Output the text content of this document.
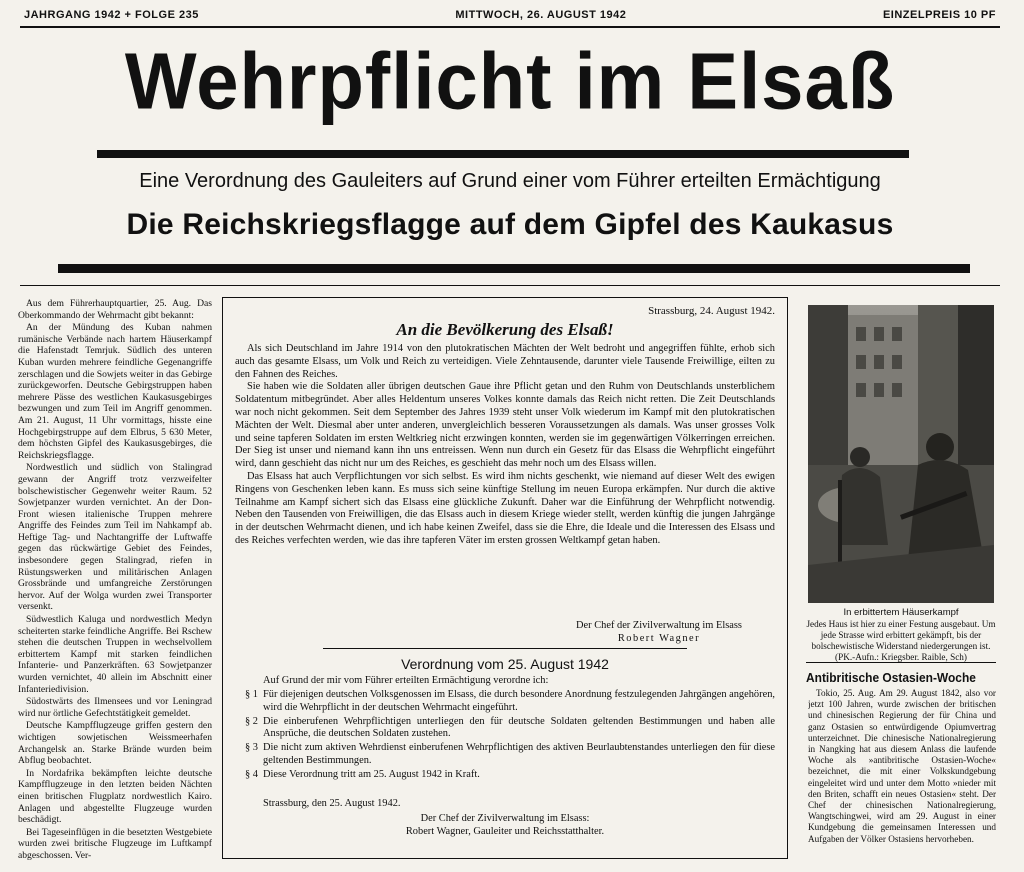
JAHRGANG 1942 + FOLGE 235	MITTWOCH, 26. AUGUST 1942	EINZELPREIS 10 PF
Wehrpflicht im Elsaß
Eine Verordnung des Gauleiters auf Grund einer vom Führer erteilten Ermächtigung
Die Reichskriegsflagge auf dem Gipfel des Kaukasus

Aus dem Führerhauptquartier, 25. Aug. Das Oberkommando der Wehrmacht gibt bekannt:

An der Mündung des Kuban nahmen rumänische Verbände nach hartem Häuserkampf die Hafenstadt Temrjuk. Südlich des unteren Kuban wurden mehrere feindliche Gegenangriffe zerschlagen und die Sowjets weiter in das Gebirge zurückgeworfen. Deutsche Gebirgstruppen haben mehrere Pässe des westlichen Kaukasusgebirges bezwungen und zum Teil im Angriff genommen. Am 21. August, 11 Uhr vormittags, hisste eine Hochgebirgstruppe auf dem Elbrus, 5 630 Meter, dem höchsten Gipfel des Kaukasusgebirges, die Reichskriegsflagge.

Nordwestlich und südlich von Stalingrad gewann der Angriff trotz verzweifelter bolschewistischer Gegenwehr weiter Raum. 52 Sowjetpanzer wurden vernichtet. An der Don-Front wiesen italienische Truppen mehrere Angriffe des Feindes zum Teil im Nahkampf ab. Heftige Tag- und Nachtangriffe der Luftwaffe gegen das rückwärtige Gebiet des Feindes, insbesondere gegen Stalingrad, riefen in Rüstungswerken und militärischen Anlagen Grossbrände und umfangreiche Zerstörungen hervor. Auf der Wolga wurden zwei Transporter versenkt.

Südwestlich Kaluga und nordwestlich Medyn scheiterten starke feindliche Angriffe. Bei Rschew stehen die deutschen Truppen in wechselvollem erbittertem Kampf mit starken feindlichen Infanterie- und Panzerkräften. 63 Sowjetpanzer wurden vernichtet, 40 allein im Abschnitt einer Infanteriedivision.

Südostwärts des Ilmensees und vor Leningrad wird nur örtliche Gefechtstätigkeit gemeldet.

Deutsche Kampfflugzeuge griffen gestern den wichtigen sowjetischen Weissmeerhafen Archangelsk an. Starke Brände wurden beim Abflug beobachtet.

In Nordafrika bekämpften leichte deutsche Kampfflugzeuge in den letzten beiden Nächten einen britischen Flugplatz nordwestlich Kairo. Anlagen und abgestellte Flugzeuge wurden beschädigt.

Bei Tageseinflügen in die besetzten Westgebiete wurden zwei britische Flugzeuge im Luftkampf abgeschossen. Ver-

Strassburg, 24. August 1942.
An die Bevölkerung des Elsaß!

Als sich Deutschland im Jahre 1914 von den plutokratischen Mächten der Welt bedroht und angegriffen fühlte, erhob sich auch das gesamte Elsass, um Volk und Reich zu verteidigen. Viele Zehntausende, darunter viele Tausende Freiwillige, eilten zu den Fahnen des Reiches.

Sie haben wie die Soldaten aller übrigen deutschen Gaue ihre Pflicht getan und den Ruhm von Deutschlands unsterblichem Soldatentum mitbegründet. Aber alles Heldentum unseres Volkes konnte damals das Reich nicht retten. Die Zeit Deutschlands war noch nicht gekommen. Seit dem September des Jahres 1939 steht unser Volk wiederum im Kampf mit den plutokratischen Mächten der Welt. Diesmal aber unter anderen, unvergleichlich besseren Voraussetzungen als damals. Was unser grosses Volk und seine tapferen Soldaten im ersten Weltkrieg nicht erzwingen konnten, werden sie im gegenwärtigen Völkerringen erreichen. Der Sieg ist unser und niemand kann ihn uns entreissen. Wenn nun durch ein Gesetz für das Elsass die Wehrpflicht eingeführt wird, dann geschieht das nicht nur um des Reiches, es geschieht das mehr noch um des Elsass willen.

Das Elsass hat auch Verpflichtungen vor sich selbst. Es wird ihm nichts geschenkt, wie niemand auf dieser Welt des ewigen Ringens von Geschenken leben kann. Es muss sich seine künftige Stellung im neuen Europa erkämpfen. Nur durch die aktive Teilnahme am Kampf sichert sich das Elsass eine glückliche Zukunft. Daher war die Einführung der Wehrpflicht notwendig. Neben den Tausenden von Freiwilligen, die das Elsass auch in diesem Kriege wieder stellt, werden künftig die jungen Jahrgänge in der deutschen Wehrmacht dienen, und ich habe keinen Zweifel, dass sie die Ehre, die Ideale und die Interessen des Elsass und des Reiches verfechten werden, wie das ihre tapferen Väter im ersten grossen Weltkampf getan haben.

Der Chef der Zivilverwaltung im Elsass
Robert Wagner
Verordnung vom 25. August 1942
Auf Grund der mir vom Führer erteilten Ermächtigung verordne ich:
§ 1 Für diejenigen deutschen Volksgenossen im Elsass, die durch besondere Anordnung festzulegenden Jahrgängen angehören, wird die Wehrpflicht in der deutschen Wehrmacht eingeführt.
§ 2 Die einberufenen Wehrpflichtigen unterliegen den für deutsche Soldaten geltenden Bestimmungen und haben alle Ansprüche, die deutschen Soldaten zustehen.
§ 3 Die nicht zum aktiven Wehrdienst einberufenen Wehrpflichtigen des aktiven Beurlaubtenstandes unterliegen den für diese geltenden Bestimmungen.
§ 4 Diese Verordnung tritt am 25. August 1942 in Kraft.
Strassburg, den 25. August 1942.
Der Chef der Zivilverwaltung im Elsass:
Robert Wagner, Gauleiter und Reichsstatthalter.
In erbittertem Häuserkampf
Jedes Haus ist hier zu einer Festung ausgebaut. Um jede Strasse wird erbittert gekämpft, bis der bolschewistische Widerstand niedergerungen ist. (PK.-Aufn.: Kriegsber. Raible, Sch)
Antibritische Ostasien-Woche
Tokio, 25. Aug. Am 29. August 1842, also vor jetzt 100 Jahren, wurde zwischen der britischen und chinesischen Regierung der für China und ganz Ostasien so entwürdigende Opiumvertrag unterzeichnet. Die chinesische Nationalregierung in Nangking hat aus diesem Anlass die laufende Woche als »antibritische Ostasien-Woche« bezeichnet, die mit einer Volkskundgebung eingeleitet wird und unter dem Motto »nieder mit den Briten, schafft ein neues Ostasien« steht. Der Chef der chinesischen Nationalregierung, Wangtschingwei, wird am 29. August in einer Kundgebung die gemeinsamen Interessen und Aufgaben der Völker Ostasiens hervorheben.
